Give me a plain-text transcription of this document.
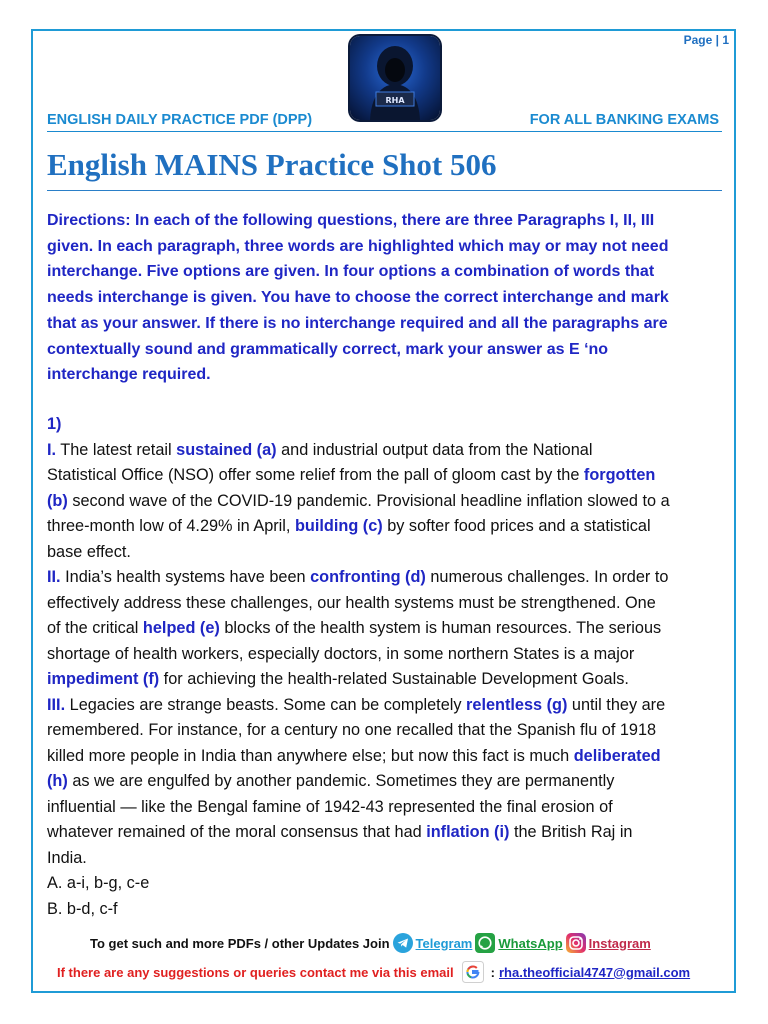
Page | 1
RHA
ENGLISH DAILY PRACTICE PDF (DPP)	FOR ALL BANKING EXAMS
English MAINS Practice Shot 506
Directions: In each of the following questions, there are three Paragraphs I, II, III
given. In each paragraph, three words are highlighted which may or may not need
interchange. Five options are given. In four options a combination of words that
needs interchange is given. You have to choose the correct interchange and mark
that as your answer. If there is no interchange required and all the paragraphs are
contextually sound and grammatically correct, mark your answer as E ‘no
interchange required.
1)
I. The latest retail sustained (a) and industrial output data from the National
Statistical Office (NSO) offer some relief from the pall of gloom cast by the forgotten
(b) second wave of the COVID-19 pandemic. Provisional headline inflation slowed to a
three-month low of 4.29% in April, building (c) by softer food prices and a statistical
base effect.
II. India’s health systems have been confronting (d) numerous challenges. In order to
effectively address these challenges, our health systems must be strengthened. One
of the critical helped (e) blocks of the health system is human resources. The serious
shortage of health workers, especially doctors, in some northern States is a major
impediment (f) for achieving the health-related Sustainable Development Goals.
III. Legacies are strange beasts. Some can be completely relentless (g) until they are
remembered. For instance, for a century no one recalled that the Spanish flu of 1918
killed more people in India than anywhere else; but now this fact is much deliberated
(h) as we are engulfed by another pandemic. Sometimes they are permanently
influential — like the Bengal famine of 1942-43 represented the final erosion of
whatever remained of the moral consensus that had inflation (i) the British Raj in
India.
A. a-i, b-g, c-e
B. b-d, c-f
To get such and more PDFs / other Updates Join Telegram WhatsApp Instagram
If there are any suggestions or queries contact me via this email	: rha.theofficial4747@gmail.com
